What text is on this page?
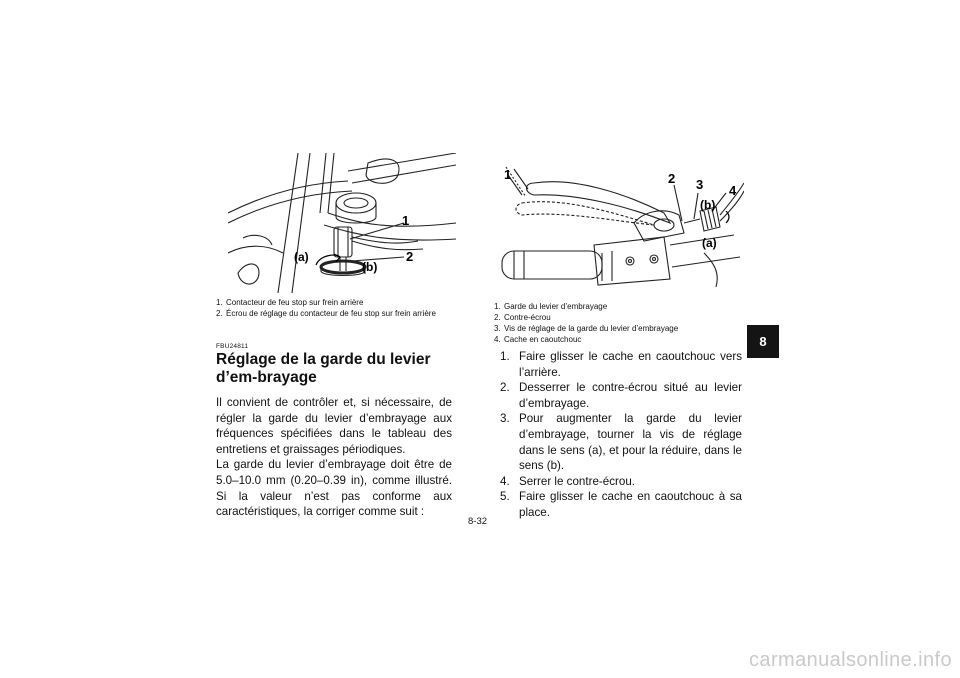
1
2
(a)
(b)
1. Contacteur de feu stop sur frein arrière
2. Écrou de réglage du contacteur de feu stop sur frein arrière
FBU24811
Réglage de la garde du levier d’em-brayage

Il convient de contrôler et, si nécessaire, de régler la garde du levier d’embrayage aux fréquences spécifiées dans le tableau des entretiens et graissages périodiques.

La garde du levier d’embrayage doit être de 5.0–10.0 mm (0.20–0.39 in), comme illustré. Si la valeur n’est pas conforme aux caractéristiques, la corriger comme suit :

1	2 3 4
(b)
(a)
1. Garde du levier d’embrayage
2. Contre-écrou
3. Vis de réglage de la garde du levier d’embrayage
4. Cache en caoutchouc
1. Faire glisser le cache en caoutchouc vers l’arrière.
2. Desserrer le contre-écrou situé au levier d’embrayage.
3. Pour augmenter la garde du levier d’embrayage, tourner la vis de réglage dans le sens (a), et pour la réduire, dans le sens (b).
4. Serrer le contre-écrou.
5. Faire glisser le cache en caoutchouc à sa place.
8-32
8
carmanualsonline.info
